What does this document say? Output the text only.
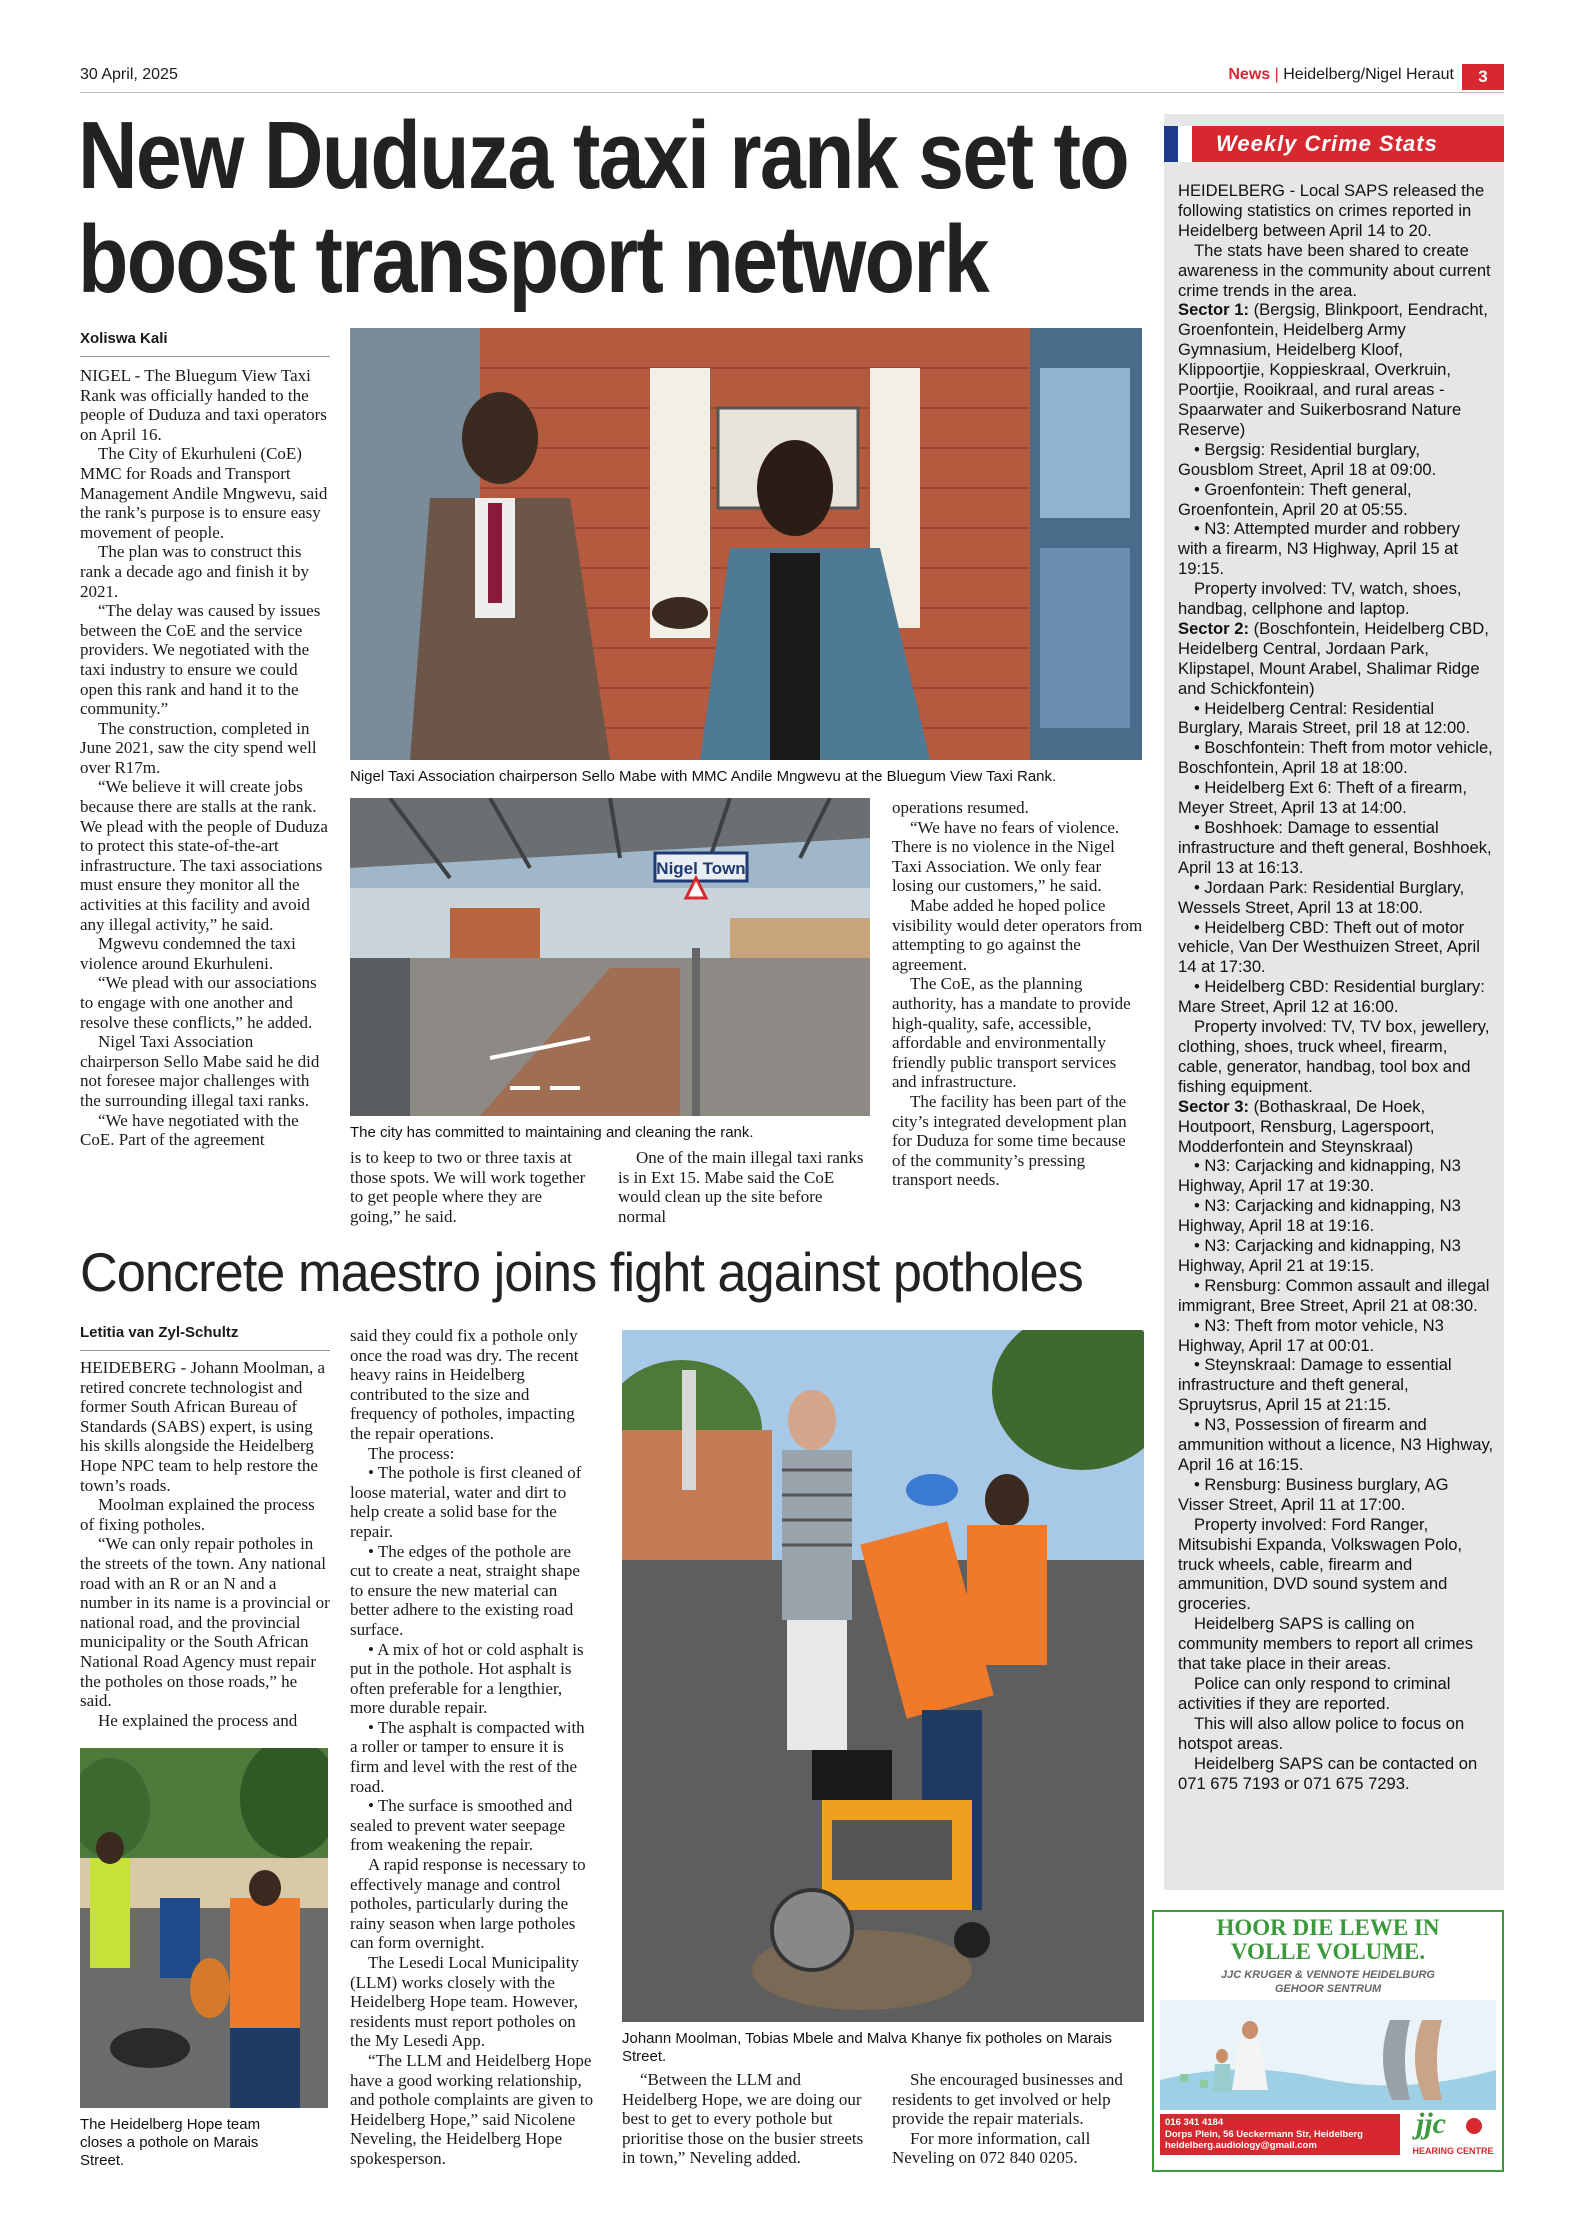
30 April, 2025	News | Heidelberg/Nigel Heraut	3
New Duduza taxi rank set to
boost transport network
Xoliswa Kali

NIGEL - The Bluegum View Taxi Rank was officially handed to the people of Duduza and taxi operators on April 16.

The City of Ekurhuleni (CoE) MMC for Roads and Transport Management Andile Mngwevu, said the rank’s purpose is to ensure easy movement of people.

The plan was to construct this rank a decade ago and finish it by 2021.

“The delay was caused by issues between the CoE and the service providers. We negotiated with the taxi industry to ensure we could open this rank and hand it to the community.”

The construction, completed in June 2021, saw the city spend well over R17m.

“We believe it will create jobs because there are stalls at the rank. We plead with the people of Duduza to protect this state-of-the-art infrastructure. The taxi associations must ensure they monitor all the activities at this facility and avoid any illegal activity,” he said.

Mgwevu condemned the taxi violence around Ekurhuleni.

“We plead with our associations to engage with one another and resolve these conflicts,” he added.

Nigel Taxi Association chairperson Sello Mabe said he did not foresee major challenges with the surrounding illegal taxi ranks.

“We have negotiated with the CoE. Part of the agreement

Nigel Taxi Association chairperson Sello Mabe with MMC Andile Mngwevu at the Bluegum View Taxi Rank.
Nigel Town
The city has committed to maintaining and cleaning the rank.

is to keep to two or three taxis at those spots. We will work together to get people where they are going,” he said.

One of the main illegal taxi ranks is in Ext 15. Mabe said the CoE would clean up the site before normal

operations resumed.

“We have no fears of violence. There is no violence in the Nigel Taxi Association. We only fear losing our customers,” he said.

Mabe added he hoped police visibility would deter operators from attempting to go against the agreement.

The CoE, as the planning authority, has a mandate to provide high-quality, safe, accessible, affordable and environmentally friendly public transport services and infrastructure.

The facility has been part of the city’s integrated development plan for Duduza for some time because of the community’s pressing transport needs.

Concrete maestro joins fight against potholes
Letitia van Zyl-Schultz

HEIDEBERG - Johann Moolman, a retired concrete technologist and former South African Bureau of Standards (SABS) expert, is using his skills alongside the Heidelberg Hope NPC team to help restore the town’s roads.

Moolman explained the process of fixing potholes.

“We can only repair potholes in the streets of the town. Any national road with an R or an N and a number in its name is a provincial or national road, and the provincial municipality or the South African National Road Agency must repair the potholes on those roads,” he said.

He explained the process and

The Heidelberg Hope team closes a pothole on Marais Street.

said they could fix a pothole only once the road was dry. The recent heavy rains in Heidelberg contributed to the size and frequency of potholes, impacting the repair operations.

The process:

• The pothole is first cleaned of loose material, water and dirt to help create a solid base for the repair.

• The edges of the pothole are cut to create a neat, straight shape to ensure the new material can better adhere to the existing road surface.

• A mix of hot or cold asphalt is put in the pothole. Hot asphalt is often preferable for a lengthier, more durable repair.

• The asphalt is compacted with a roller or tamper to ensure it is firm and level with the rest of the road.

• The surface is smoothed and sealed to prevent water seepage from weakening the repair.

A rapid response is necessary to effectively manage and control potholes, particularly during the rainy season when large potholes can form overnight.

The Lesedi Local Municipality (LLM) works closely with the Heidelberg Hope team. However, residents must report potholes on the My Lesedi App.

“The LLM and Heidelberg Hope have a good working relationship, and pothole complaints are given to Heidelberg Hope,” said Nicolene Neveling, the Heidelberg Hope spokesperson.

Johann Moolman, Tobias Mbele and Malva Khanye fix potholes on Marais Street.

“Between the LLM and Heidelberg Hope, we are doing our best to get to every pothole but prioritise those on the busier streets in town,” Neveling added.

She encouraged businesses and residents to get involved or help provide the repair materials.

For more information, call Neveling on 072 840 0205.

Weekly Crime Stats

HEIDELBERG - Local SAPS released the following statistics on crimes reported in Heidelberg between April 14 to 20.

The stats have been shared to create awareness in the community about current crime trends in the area.

Sector 1: (Bergsig, Blinkpoort, Eendracht, Groenfontein, Heidelberg Army Gymnasium, Heidelberg Kloof, Klippoortjie, Koppieskraal, Overkruin, Poortjie, Rooikraal, and rural areas - Spaarwater and Suikerbosrand Nature Reserve)

• Bergsig: Residential burglary, Gousblom Street, April 18 at 09:00.

• Groenfontein: Theft general, Groenfontein, April 20 at 05:55.

• N3: Attempted murder and robbery with a firearm, N3 Highway, April 15 at 19:15.

Property involved: TV, watch, shoes, handbag, cellphone and laptop.

Sector 2: (Boschfontein, Heidelberg CBD, Heidelberg Central, Jordaan Park, Klipstapel, Mount Arabel, Shalimar Ridge and Schickfontein)

• Heidelberg Central: Residential Burglary, Marais Street, pril 18 at 12:00.

• Boschfontein: Theft from motor vehicle, Boschfontein, April 18 at 18:00.

• Heidelberg Ext 6: Theft of a firearm, Meyer Street, April 13 at 14:00.

• Boshhoek: Damage to essential infrastructure and theft general, Boshhoek, April 13 at 16:13.

• Jordaan Park: Residential Burglary, Wessels Street, April 13 at 18:00.

• Heidelberg CBD: Theft out of motor vehicle, Van Der Westhuizen Street, April 14 at 17:30.

• Heidelberg CBD: Residential burglary: Mare Street, April 12 at 16:00.

Property involved: TV, TV box, jewellery, clothing, shoes, truck wheel, firearm, cable, generator, handbag, tool box and fishing equipment.

Sector 3: (Bothaskraal, De Hoek, Houtpoort, Rensburg, Lagerspoort, Modderfontein and Steynskraal)

• N3: Carjacking and kidnapping, N3 Highway, April 17 at 19:30.

• N3: Carjacking and kidnapping, N3 Highway, April 18 at 19:16.

• N3: Carjacking and kidnapping, N3 Highway, April 21 at 19:15.

• Rensburg: Common assault and illegal immigrant, Bree Street, April 21 at 08:30.

• N3: Theft from motor vehicle, N3 Highway, April 17 at 00:01.

• Steynskraal: Damage to essential infrastructure and theft general, Spruytsrus, April 15 at 21:15.

• N3, Possession of firearm and ammunition without a licence, N3 Highway, April 16 at 16:15.

• Rensburg: Business burglary, AG Visser Street, April 11 at 17:00.

Property involved: Ford Ranger, Mitsubishi Expanda, Volkswagen Polo, truck wheels, cable, firearm and ammunition, DVD sound system and groceries.

Heidelberg SAPS is calling on community members to report all crimes that take place in their areas.

Police can only respond to criminal activities if they are reported.

This will also allow police to focus on hotspot areas.

Heidelberg SAPS can be contacted on 071 675 7193 or 071 675 7293.

HOOR DIE LEWE IN
VOLLE VOLUME.
JJC KRUGER & VENNOTE HEIDELBURG
GEHOOR SENTRUM
016 341 4184
Dorps Plein, 56 Ueckermann Str, Heidelberg
heidelberg.audiology@gmail.com
jjc
HEARING CENTRE
